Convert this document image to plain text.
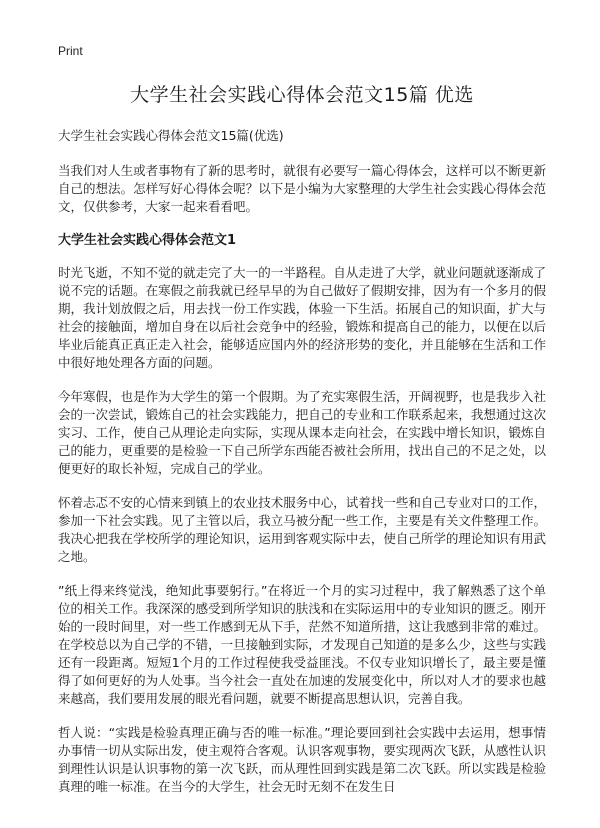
Print
大学生社会实践心得体会范文15篇 优选
大学生社会实践心得体会范文15篇(优选)

当我们对人生或者事物有了新的思考时，就很有必要写一篇心得体会，这样可以不断更新自己的想法。怎样写好心得体会呢？以下是小编为大家整理的大学生社会实践心得体会范文，仅供参考，大家一起来看看吧。

大学生社会实践心得体会范文1

时光飞逝，不知不觉的就走完了大一的一半路程。自从走进了大学，就业问题就逐渐成了说不完的话题。在寒假之前我就已经早早的为自己做好了假期安排，因为有一个多月的假期，我计划放假之后，用去找一份工作实践，体验一下生活。拓展自己的知识面，扩大与社会的接触面，增加自身在以后社会竞争中的经验，锻炼和提高自己的能力，以便在以后毕业后能真正真正走入社会，能够适应国内外的经济形势的变化，并且能够在生活和工作中很好地处理各方面的问题。

今年寒假，也是作为大学生的第一个假期。为了充实寒假生活，开阔视野，也是我步入社会的一次尝试，锻炼自己的社会实践能力，把自己的专业和工作联系起来，我想通过这次实习、工作，使自己从理论走向实际，实现从课本走向社会，在实践中增长知识，锻炼自己的能力，更重要的是检验一下自己所学东西能否被社会所用，找出自己的不足之处，以便更好的取长补短，完成自己的学业。

怀着忐忑不安的心情来到镇上的农业技术服务中心，试着找一些和自己专业对口的工作，参加一下社会实践。见了主管以后，我立马被分配一些工作，主要是有关文件整理工作。我决心把我在学校所学的理论知识，运用到客观实际中去，使自己所学的理论知识有用武之地。

”纸上得来终觉浅，绝知此事要躬行。”在将近一个月的实习过程中，我了解熟悉了这个单位的相关工作。我深深的感受到所学知识的肤浅和在实际运用中的专业知识的匮乏。刚开始的一段时间里，对一些工作感到无从下手，茫然不知道所措，这让我感到非常的难过。在学校总以为自己学的不错，一旦接触到实际，才发现自己知道的是多么少，这些与实践还有一段距离。短短1个月的工作过程使我受益匪浅。不仅专业知识增长了，最主要是懂得了如何更好的为人处事。当今社会一直处在加速的发展变化中，所以对人才的要求也越来越高，我们要用发展的眼光看问题，就要不断提高思想认识，完善自我。

哲人说：“实践是检验真理正确与否的唯一标准。”理论要回到社会实践中去运用，想事情办事情一切从实际出发，使主观符合客观。认识客观事物，要实现两次飞跃，从感性认识到理性认识是认识事物的第一次飞跃，而从理性回到实践是第二次飞跃。所以实践是检验真理的唯一标准。在当今的大学生，社会无时无刻不在发生日
